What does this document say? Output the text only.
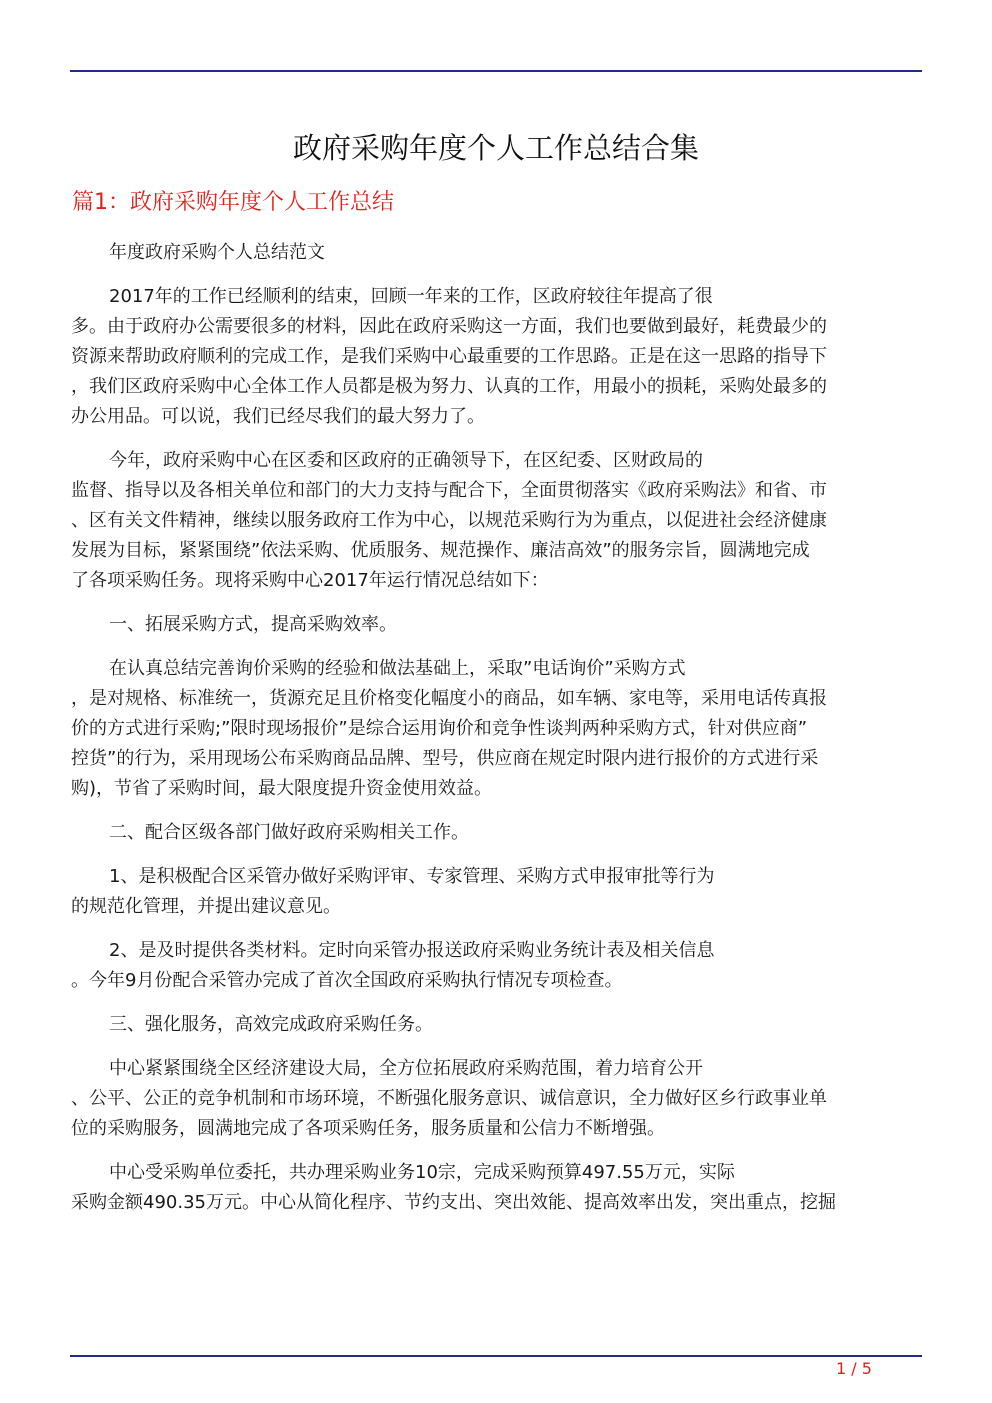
政府采购年度个人工作总结合集
篇1：政府采购年度个人工作总结

年度政府采购个人总结范文

2017年的工作已经顺利的结束，回顾一年来的工作，区政府较往年提高了很
多。由于政府办公需要很多的材料，因此在政府采购这一方面，我们也要做到最好，耗费最少的
资源来帮助政府顺利的完成工作，是我们采购中心最重要的工作思路。正是在这一思路的指导下
，我们区政府采购中心全体工作人员都是极为努力、认真的工作，用最小的损耗，采购处最多的
办公用品。可以说，我们已经尽我们的最大努力了。

今年，政府采购中心在区委和区政府的正确领导下，在区纪委、区财政局的
监督、指导以及各相关单位和部门的大力支持与配合下，全面贯彻落实《政府采购法》和省、市
、区有关文件精神，继续以服务政府工作为中心，以规范采购行为为重点，以促进社会经济健康
发展为目标，紧紧围绕”依法采购、优质服务、规范操作、廉洁高效”的服务宗旨，圆满地完成
了各项采购任务。现将采购中心2017年运行情况总结如下：

一、拓展采购方式，提高采购效率。

在认真总结完善询价采购的经验和做法基础上，采取”电话询价”采购方式
，是对规格、标准统一，货源充足且价格变化幅度小的商品，如车辆、家电等，采用电话传真报
价的方式进行采购;”限时现场报价”是综合运用询价和竞争性谈判两种采购方式，针对供应商”
控货”的行为，采用现场公布采购商品品牌、型号，供应商在规定时限内进行报价的方式进行采
购)，节省了采购时间，最大限度提升资金使用效益。

二、配合区级各部门做好政府采购相关工作。

1、是积极配合区采管办做好采购评审、专家管理、采购方式申报审批等行为
的规范化管理，并提出建议意见。

2、是及时提供各类材料。定时向采管办报送政府采购业务统计表及相关信息
。今年9月份配合采管办完成了首次全国政府采购执行情况专项检查。

三、强化服务，高效完成政府采购任务。

中心紧紧围绕全区经济建设大局，全方位拓展政府采购范围，着力培育公开
、公平、公正的竞争机制和市场环境，不断强化服务意识、诚信意识，全力做好区乡行政事业单
位的采购服务，圆满地完成了各项采购任务，服务质量和公信力不断增强。

中心受采购单位委托，共办理采购业务10宗，完成采购预算497.55万元，实际
采购金额490.35万元。中心从简化程序、节约支出、突出效能、提高效率出发，突出重点，挖掘

1 / 5
